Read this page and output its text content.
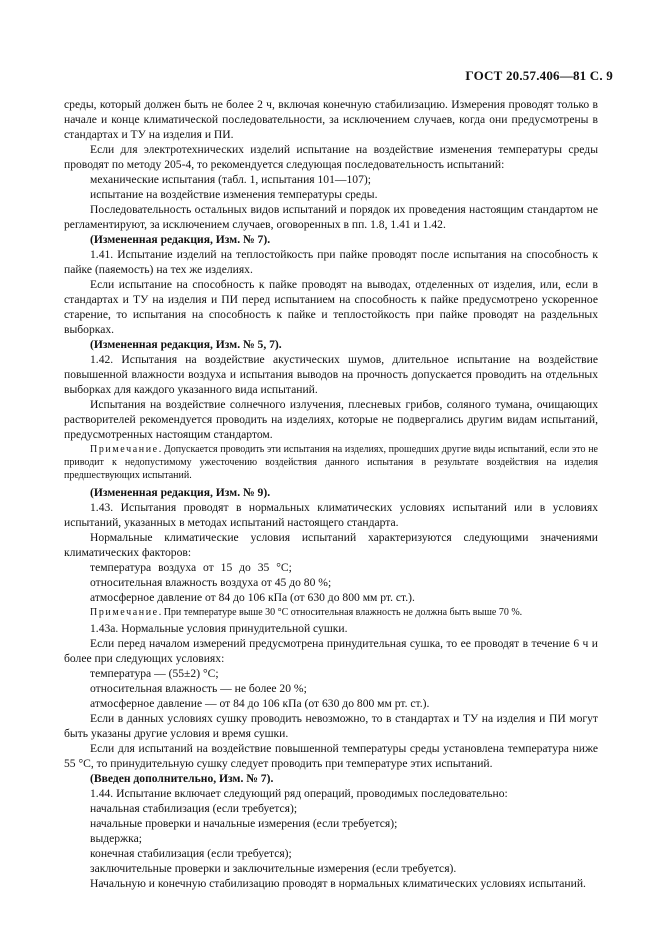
ГОСТ 20.57.406—81 С. 9

среды, который должен быть не более 2 ч, включая конечную стабилизацию. Измерения проводят только в начале и конце климатической последовательности, за исключением случаев, когда они предусмотрены в стандартах и ТУ на изделия и ПИ.

Если для электротехнических изделий испытание на воздействие изменения температуры среды проводят по методу 205-4, то рекомендуется следующая последовательность испытаний:

механические испытания (табл. 1, испытания 101—107);

испытание на воздействие изменения температуры среды.

Последовательность остальных видов испытаний и порядок их проведения настоящим стандартом не регламентируют, за исключением случаев, оговоренных в пп. 1.8, 1.41 и 1.42.

(Измененная редакция, Изм. № 7).

1.41. Испытание изделий на теплостойкость при пайке проводят после испытания на способность к пайке (паяемость) на тех же изделиях.

Если испытание на способность к пайке проводят на выводах, отделенных от изделия, или, если в стандартах и ТУ на изделия и ПИ перед испытанием на способность к пайке предусмотрено ускоренное старение, то испытания на способность к пайке и теплостойкость при пайке проводят на раздельных выборках.

(Измененная редакция, Изм. № 5, 7).

1.42. Испытания на воздействие акустических шумов, длительное испытание на воздействие повышенной влажности воздуха и испытания выводов на прочность допускается проводить на отдельных выборках для каждого указанного вида испытаний.

Испытания на воздействие солнечного излучения, плесневых грибов, соляного тумана, очищающих растворителей рекомендуется проводить на изделиях, которые не подвергались другим видам испытаний, предусмотренных настоящим стандартом.

Примечание. Допускается проводить эти испытания на изделиях, прошедших другие виды испытаний, если это не приводит к недопустимому ужесточению воздействия данного испытания в результате воздействия на изделия предшествующих испытаний.

(Измененная редакция, Изм. № 9).

1.43. Испытания проводят в нормальных климатических условиях испытаний или в условиях испытаний, указанных в методах испытаний настоящего стандарта.

Нормальные климатические условия испытаний характеризуются следующими значениями климатических факторов:

температура воздуха от 15 до 35 °С;

относительная влажность воздуха от 45 до 80 %;

атмосферное давление от 84 до 106 кПа (от 630 до 800 мм рт. ст.).

Примечание. При температуре выше 30 °С относительная влажность не должна быть выше 70 %.

1.43а. Нормальные условия принудительной сушки.

Если перед началом измерений предусмотрена принудительная сушка, то ее проводят в течение 6 ч и более при следующих условиях:

температура — (55±2) °С;

относительная влажность — не более 20 %;

атмосферное давление — от 84 до 106 кПа (от 630 до 800 мм рт. ст.).

Если в данных условиях сушку проводить невозможно, то в стандартах и ТУ на изделия и ПИ могут быть указаны другие условия и время сушки.

Если для испытаний на воздействие повышенной температуры среды установлена температура ниже 55 °С, то принудительную сушку следует проводить при температуре этих испытаний.

(Введен дополнительно, Изм. № 7).

1.44. Испытание включает следующий ряд операций, проводимых последовательно:

начальная стабилизация (если требуется);

начальные проверки и начальные измерения (если требуется);

выдержка;

конечная стабилизация (если требуется);

заключительные проверки и заключительные измерения (если требуется).

Начальную и конечную стабилизацию проводят в нормальных климатических условиях испытаний.
